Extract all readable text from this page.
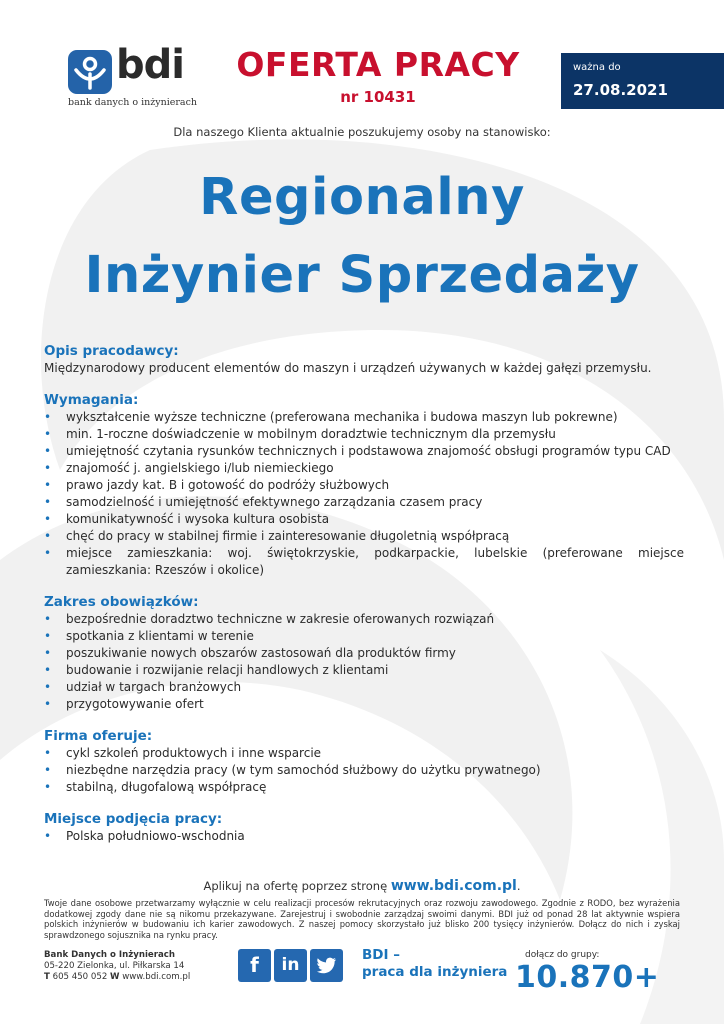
bdi
bank danych o inżynierach
OFERTA PRACY
nr 10431
ważna do
27.08.2021
Dla naszego Klienta aktualnie poszukujemy osoby na stanowisko:
Regionalny
Inżynier Sprzedaży

Opis pracodawcy:

Międzynarodowy producent elementów do maszyn i urządzeń używanych w każdej gałęzi przemysłu.

Wymagania:

• wykształcenie wyższe techniczne (preferowana mechanika i budowa maszyn lub pokrewne)
• min. 1-roczne doświadczenie w mobilnym doradztwie technicznym dla przemysłu
• umiejętność czytania rysunków technicznych i podstawowa znajomość obsługi programów typu CAD
• znajomość j. angielskiego i/lub niemieckiego
• prawo jazdy kat. B i gotowość do podróży służbowych
• samodzielność i umiejętność efektywnego zarządzania czasem pracy
• komunikatywność i wysoka kultura osobista
• chęć do pracy w stabilnej firmie i zainteresowanie długoletnią współpracą
• miejsce zamieszkania: woj. świętokrzyskie, podkarpackie, lubelskie (preferowane miejsce zamieszkania: Rzeszów i okolice)

Zakres obowiązków:

• bezpośrednie doradztwo techniczne w zakresie oferowanych rozwiązań
• spotkania z klientami w terenie
• poszukiwanie nowych obszarów zastosowań dla produktów firmy
• budowanie i rozwijanie relacji handlowych z klientami
• udział w targach branżowych
• przygotowywanie ofert

Firma oferuje:

• cykl szkoleń produktowych i inne wsparcie
• niezbędne narzędzia pracy (w tym samochód służbowy do użytku prywatnego)
• stabilną, długofalową współpracę

Miejsce podjęcia pracy:

• Polska południowo-wschodnia
Aplikuj na ofertę poprzez stronę www.bdi.com.pl.
Twoje dane osobowe przetwarzamy wyłącznie w celu realizacji procesów rekrutacyjnych oraz rozwoju zawodowego. Zgodnie z RODO, bez wyrażenia dodatkowej zgody dane nie są nikomu przekazywane. Zarejestruj i swobodnie zarządzaj swoimi danymi. BDI już od ponad 28 lat aktywnie wspiera polskich inżynierów w budowaniu ich karier zawodowych. Z naszej pomocy skorzystało już blisko 200 tysięcy inżynierów. Dołącz do nich i zyskaj sprawdzonego sojusznika na rynku pracy.
Bank Danych o Inżynierach
05-220 Zielonka, ul. Piłkarska 14
T 605 450 052 W www.bdi.com.pl	f	in	BDI –
praca dla inżyniera
dołącz do grupy:
10.870+
